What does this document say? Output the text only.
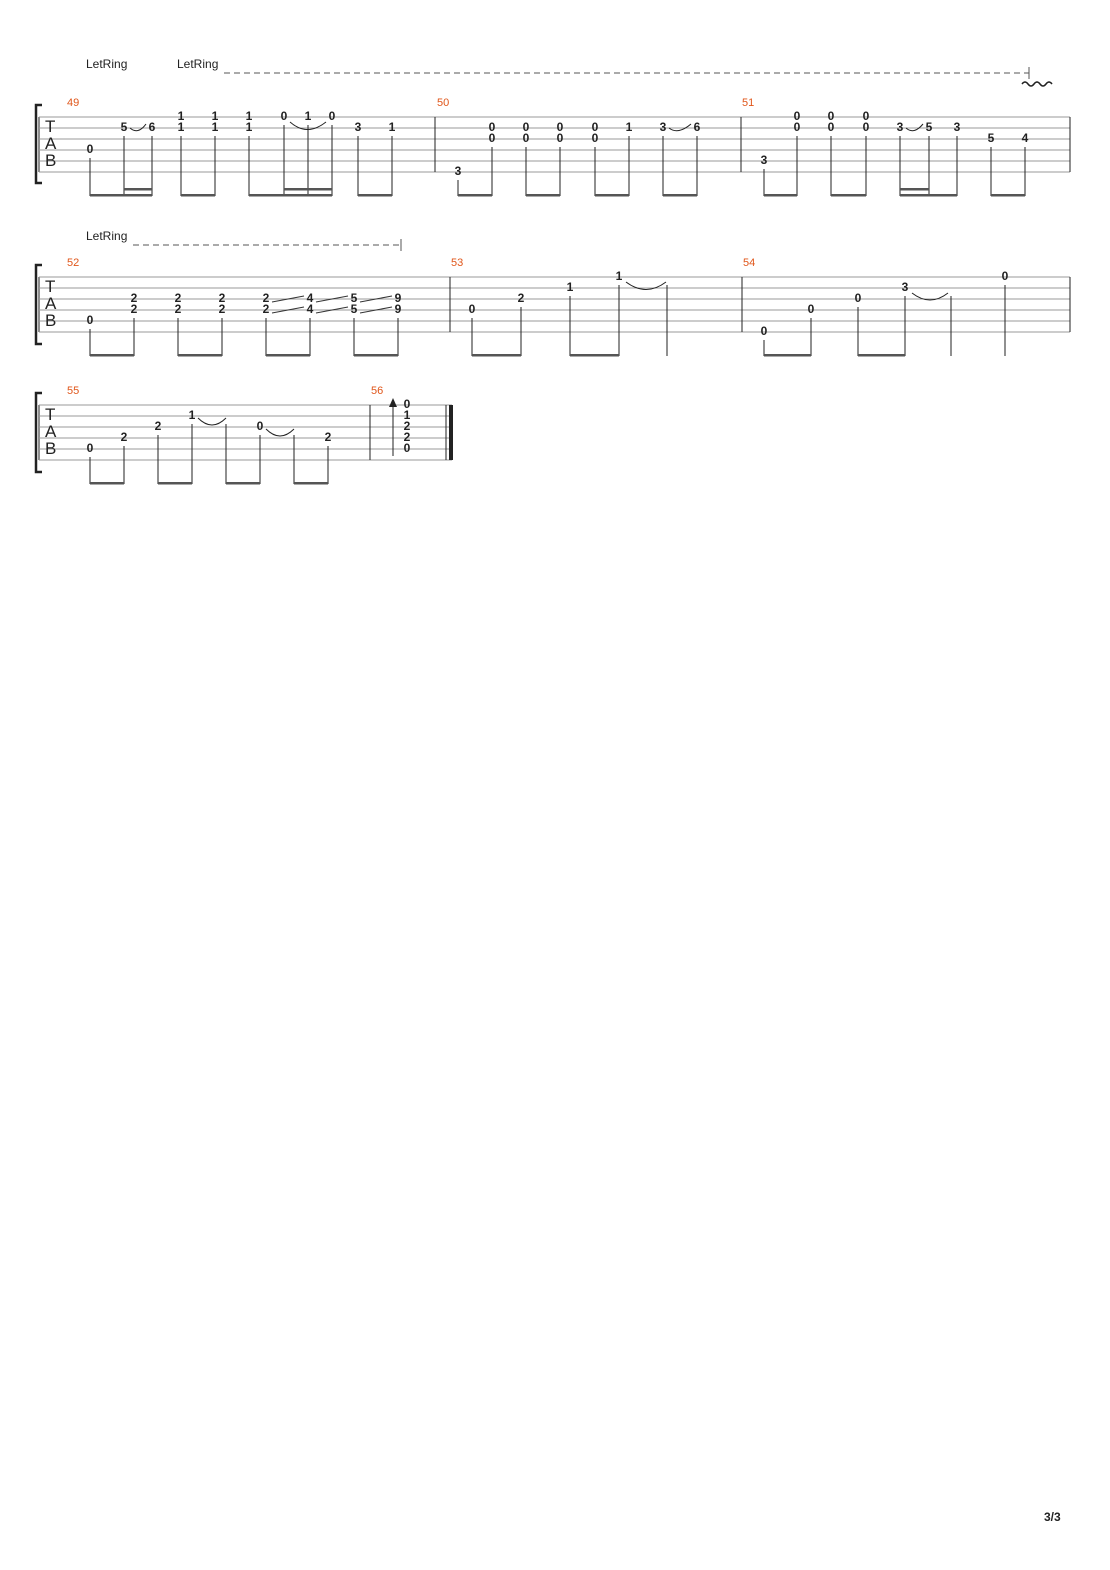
LetRing	LetRing
T
A
B
49	50	51
0
5 6
1
1
1
1
1
1
0 1 0
3 1
3
0
0
0
0
0
0
0
0
1 3 6
3
0
0
0
0
0
0 3 5 3
5 4
LetRing
T
A
B
52	53	54
0
2
2
2
2
2
2
2
2
4
4
5
5
9
9	0
2
1
1
0
0
0
3
0
T
A
B
55	56
0
2
2
1
0
2
0
1
2
2
0
3/3
